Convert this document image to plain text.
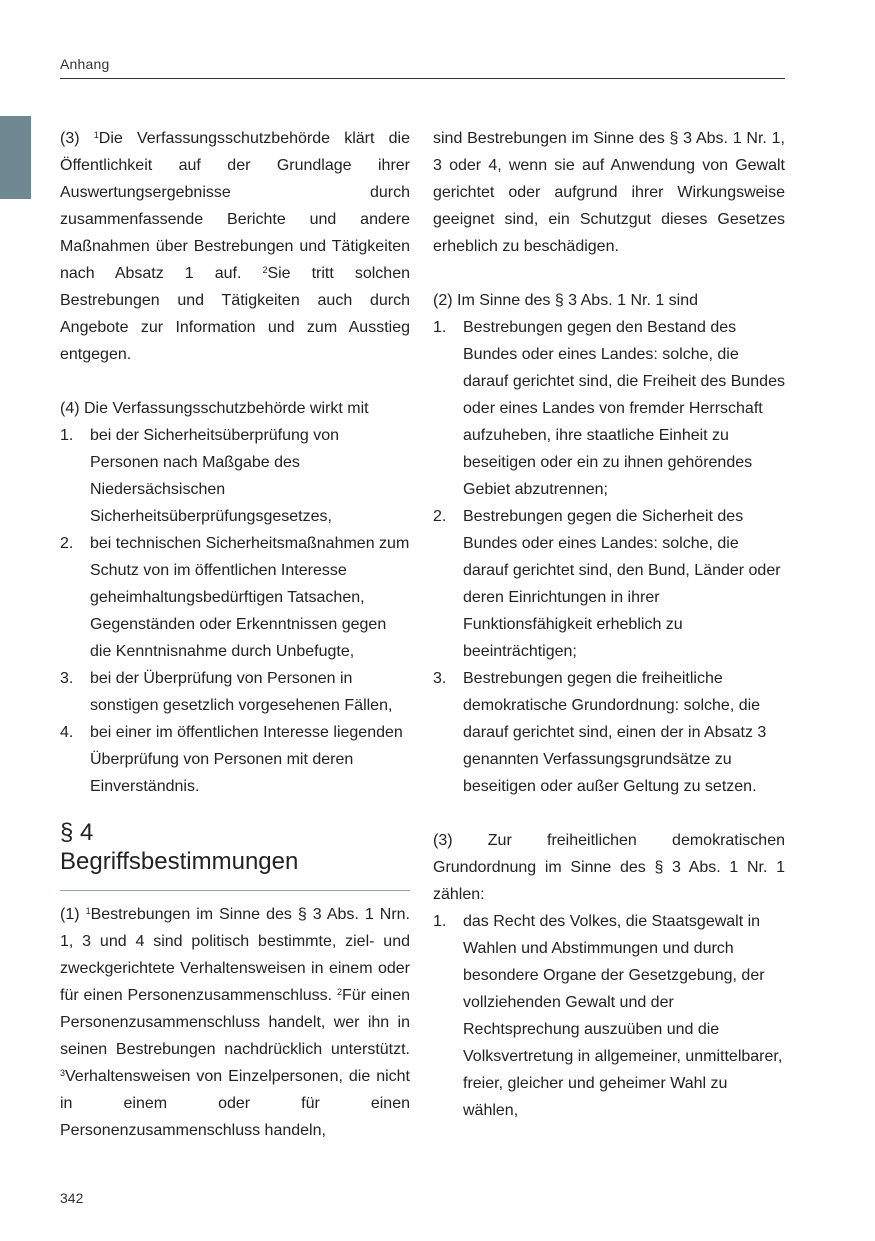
Anhang

(3) $^1$Die Verfassungsschutzbehörde klärt die Öffentlichkeit auf der Grundlage ihrer Auswertungsergebnisse durch zusammenfassende Berichte und andere Maßnahmen über Bestrebungen und Tätigkeiten nach Absatz 1 auf. $^2$Sie tritt solchen Bestrebungen und Tätigkeiten auch durch Angebote zur Information und zum Ausstieg entgegen.

(4) Die Verfassungsschutzbehörde wirkt mit

1.	bei der Sicherheitsüberprüfung von Personen nach Maßgabe des Niedersächsischen Sicherheitsüberprüfungsgesetzes,
2.	bei technischen Sicherheitsmaßnahmen zum Schutz von im öffentlichen Interesse geheimhaltungsbedürftigen Tatsachen, Gegenständen oder Erkenntnissen gegen die Kenntnisnahme durch Unbefugte,
3.	bei der Überprüfung von Personen in sonstigen gesetzlich vorgesehenen Fällen,
4.	bei einer im öffentlichen Interesse liegenden Überprüfung von Personen mit deren Einverständnis.
§ 4
Begriffsbestimmungen

(1) $^1$Bestrebungen im Sinne des § 3 Abs. 1 Nrn. 1, 3 und 4 sind politisch bestimmte, ziel- und zweckgerichtete Verhaltensweisen in einem oder für einen Personenzusammenschluss. $^2$Für einen Personenzusammenschluss handelt, wer ihn in seinen Bestrebungen nachdrücklich unterstützt. $^3$Verhaltensweisen von Einzelpersonen, die nicht in einem oder für einen Personenzusammenschluss handeln,

sind Bestrebungen im Sinne des § 3 Abs. 1 Nr. 1, 3 oder 4, wenn sie auf Anwendung von Gewalt gerichtet oder aufgrund ihrer Wirkungsweise geeignet sind, ein Schutzgut dieses Gesetzes erheblich zu beschädigen.

(2) Im Sinne des § 3 Abs. 1 Nr. 1 sind

1.	Bestrebungen gegen den Bestand des Bundes oder eines Landes: solche, die darauf gerichtet sind, die Freiheit des Bundes oder eines Landes von fremder Herrschaft aufzuheben, ihre staatliche Einheit zu beseitigen oder ein zu ihnen gehörendes Gebiet abzutrennen;
2.	Bestrebungen gegen die Sicherheit des Bundes oder eines Landes: solche, die darauf gerichtet sind, den Bund, Länder oder deren Einrichtungen in ihrer Funktionsfähigkeit erheblich zu beeinträchtigen;
3.	Bestrebungen gegen die freiheitliche demokratische Grundordnung: solche, die darauf gerichtet sind, einen der in Absatz 3 genannten Verfassungsgrundsätze zu beseitigen oder außer Geltung zu setzen.

(3) Zur freiheitlichen demokratischen Grundordnung im Sinne des § 3 Abs. 1 Nr. 1 zählen:

1.	das Recht des Volkes, die Staatsgewalt in Wahlen und Abstimmungen und durch besondere Organe der Gesetzgebung, der vollziehenden Gewalt und der Rechtsprechung auszuüben und die Volksvertretung in allgemeiner, unmittelbarer, freier, gleicher und geheimer Wahl zu wählen,
342
